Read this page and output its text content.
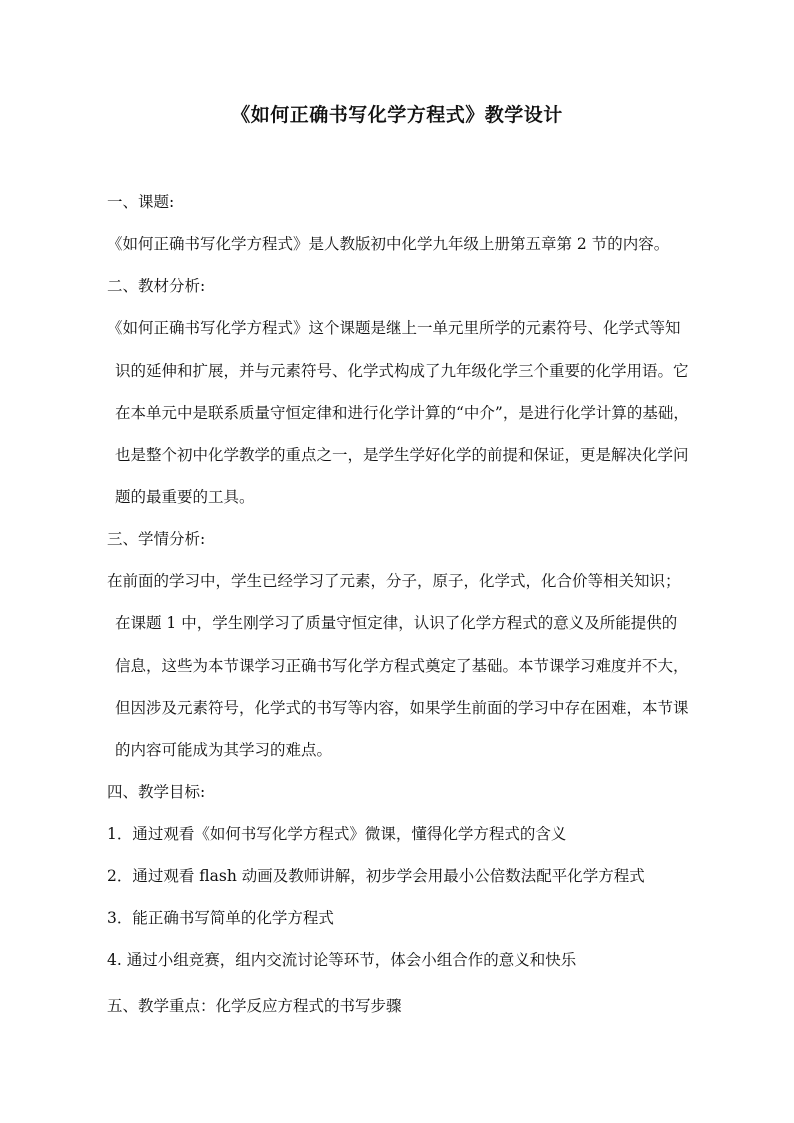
《如何正确书写化学方程式》教学设计
一、课题:
《如何正确书写化学方程式》是人教版初中化学九年级上册第五章第 2 节的内容。
二、教材分析:
《如何正确书写化学方程式》这个课题是继上一单元里所学的元素符号、化学式等知
识的延伸和扩展，并与元素符号、化学式构成了九年级化学三个重要的化学用语。它
在本单元中是联系质量守恒定律和进行化学计算的“中介”，是进行化学计算的基础，
也是整个初中化学教学的重点之一，是学生学好化学的前提和保证，更是解决化学问
题的最重要的工具。
三、学情分析:
在前面的学习中，学生已经学习了元素，分子，原子，化学式，化合价等相关知识；
在课题 1 中，学生刚学习了质量守恒定律，认识了化学方程式的意义及所能提供的
信息，这些为本节课学习正确书写化学方程式奠定了基础。本节课学习难度并不大，
但因涉及元素符号，化学式的书写等内容，如果学生前面的学习中存在困难，本节课
的内容可能成为其学习的难点。
四、教学目标:
1．通过观看《如何书写化学方程式》微课，懂得化学方程式的含义
2．通过观看 flash 动画及教师讲解，初步学会用最小公倍数法配平化学方程式
3．能正确书写简单的化学方程式
4. 通过小组竞赛，组内交流讨论等环节，体会小组合作的意义和快乐
五、教学重点：化学反应方程式的书写步骤
